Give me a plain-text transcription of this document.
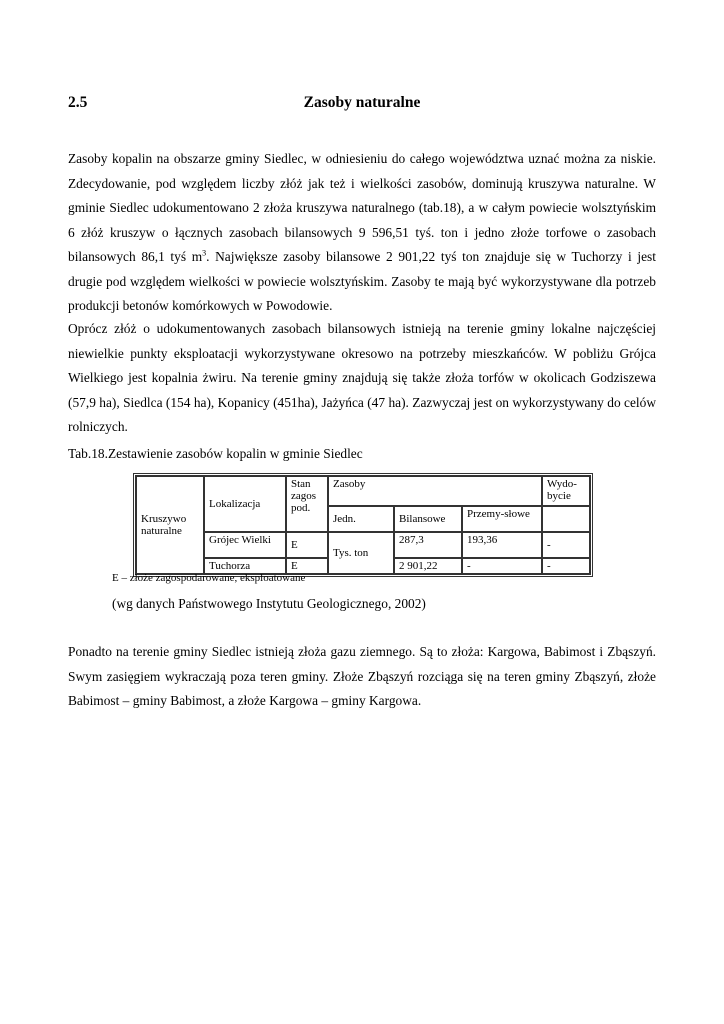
2.5	Zasoby naturalne

Zasoby kopalin na obszarze gminy Siedlec, w odniesieniu do całego województwa uznać można za niskie. Zdecydowanie, pod względem liczby złóż jak też i wielkości zasobów, dominują kruszywa naturalne. W gminie Siedlec udokumentowano 2 złoża kruszywa naturalnego (tab.18), a w całym powiecie wolsztyńskim 6 złóż kruszyw o łącznych zasobach bilansowych 9 596,51 tyś. ton i jedno złoże torfowe o zasobach bilansowych 86,1 tyś $m^3$. Największe zasoby bilansowe 2 901,22 tyś ton znajduje się w Tuchorzy i jest drugie pod względem wielkości w powiecie wolsztyńskim. Zasoby te mają być wykorzystywane dla potrzeb produkcji betonów komórkowych w Powodowie.

Oprócz złóż o udokumentowanych zasobach bilansowych istnieją na terenie gminy lokalne najczęściej niewielkie punkty eksploatacji wykorzystywane okresowo na potrzeby mieszkańców. W pobliżu Grójca Wielkiego jest kopalnia żwiru. Na terenie gminy znajdują się także złoża torfów w okolicach Godziszewa (57,9 ha), Siedlca (154 ha), Kopanicy (451ha), Jażyńca (47 ha). Zazwyczaj jest on wykorzystywany do celów rolniczych.

Tab.18.Zestawienie zasobów kopalin w gminie Siedlec
Kruszywo naturalne	Lokalizacja	Stan zagos pod.	Zasoby			Wydo-bycie
			Jedn.	Bilansowe	Przemy-słowe	
	Grójec Wielki	E	Tys. ton	287,3	193,36	-
	Tuchorza	E		2 901,22	-	-
E – złoże zagospodarowane, eksploatowane
(wg danych Państwowego Instytutu Geologicznego, 2002)

Ponadto na terenie gminy Siedlec istnieją złoża gazu ziemnego. Są to złoża: Kargowa, Babimost i Zbąszyń. Swym zasięgiem wykraczają poza teren gminy. Złoże Zbąszyń rozciąga się na teren gminy Zbąszyń, złoże Babimost – gminy Babimost, a złoże Kargowa – gminy Kargowa.
